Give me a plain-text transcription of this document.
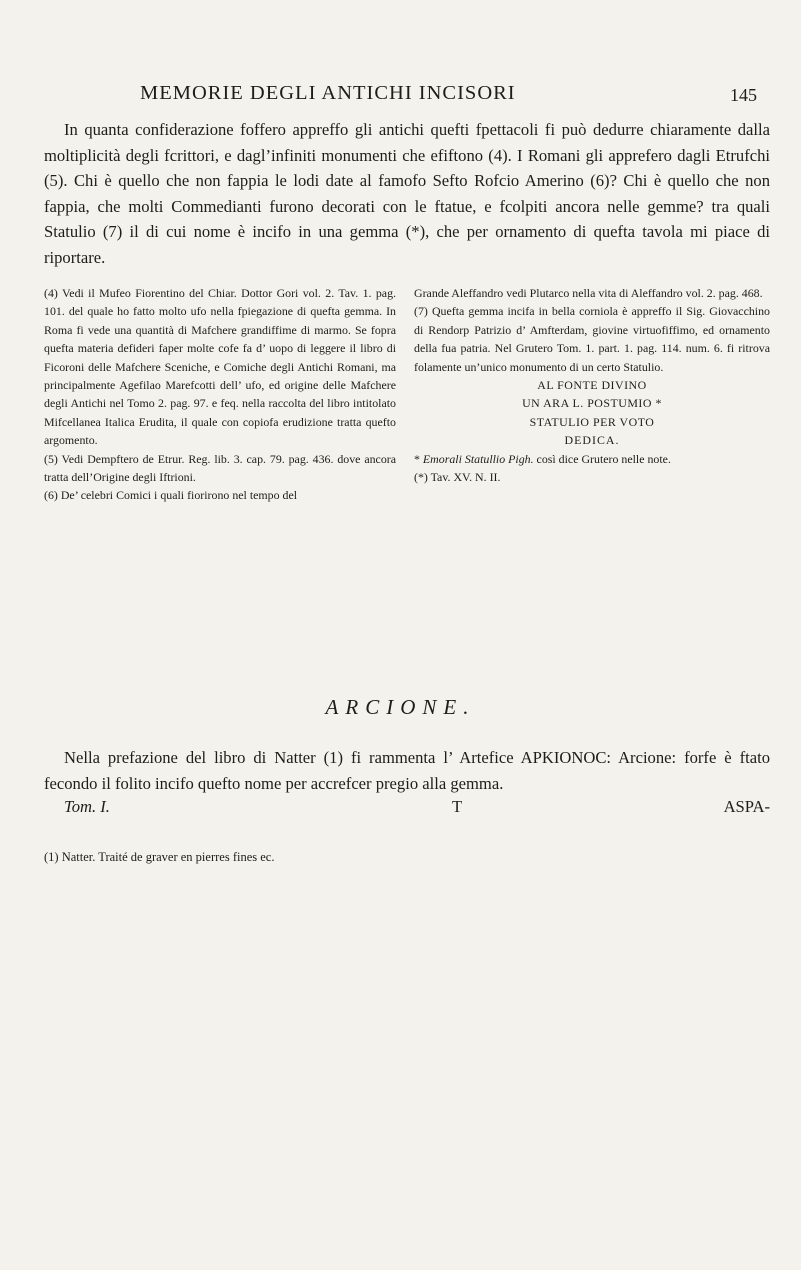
MEMORIE DEGLI ANTICHI INCISORI	145

In quanta confiderazione foffero appreffo gli antichi quefti fpettacoli fi può dedurre chiaramente dalla moltiplicità degli fcrittori, e dagl’infiniti monumenti che efiftono (4). I Romani gli apprefero dagli Etrufchi (5). Chi è quello che non fappia le lodi date al famofo Sefto Rofcio Amerino (6)? Chi è quello che non fappia, che molti Commedianti furono decorati con le ftatue, e fcolpiti ancora nelle gemme? tra quali Statulio (7) il di cui nome è incifo in una gemma (*), che per ornamento di quefta tavola mi piace di riportare.

(4) Vedi il Mufeo Fiorentino del Chiar. Dottor Gori vol. 2. Tav. 1. pag. 101. del quale ho fatto molto ufo nella fpiegazione di quefta gemma. In Roma fi vede una quantità di Mafchere grandiffime di marmo. Se fopra quefta materia defideri faper molte cofe fa d’ uopo di leggere il libro di Ficoroni delle Mafchere Sceniche, e Comiche degli Antichi Romani, ma principalmente Agefilao Marefcotti dell’ ufo, ed origine delle Mafchere degli Antichi nel Tomo 2. pag. 97. e feq. nella raccolta del libro intitolato Mifcellanea Italica Erudita, il quale con copiofa erudizione tratta quefto argomento.

(5) Vedi Dempftero de Etrur. Reg. lib. 3. cap. 79. pag. 436. dove ancora tratta dell’Origine degli Iftrioni.

(6) De’ celebri Comici i quali fiorirono nel tempo del

Grande Aleffandro vedi Plutarco nella vita di Aleffandro vol. 2. pag. 468.

(7) Quefta gemma incifa in bella corniola è appreffo il Sig. Giovacchino di Rendorp Patrizio d’ Amfterdam, giovine virtuofiffimo, ed ornamento della fua patria. Nel Grutero Tom. 1. part. 1. pag. 114. num. 6. fi ritrova folamente un’unico monumento di un certo Statulio.

AL FONTE DIVINO

UN ARA L. POSTUMIO *

STATULIO PER VOTO

DEDICA.

* Emorali Statullio Pigh. così dice Grutero nelle note.

(*) Tav. XV. N. II.

ARCIONE.

Nella prefazione del libro di Natter (1) fi rammenta l’ Artefice APKIONOC: Arcione: forfe è ftato fecondo il folito incifo quefto nome per accrefcer pregio alla gemma.

Tom. I.	T	ASPA-

(1) Natter. Traité de graver en pierres fines ec.
